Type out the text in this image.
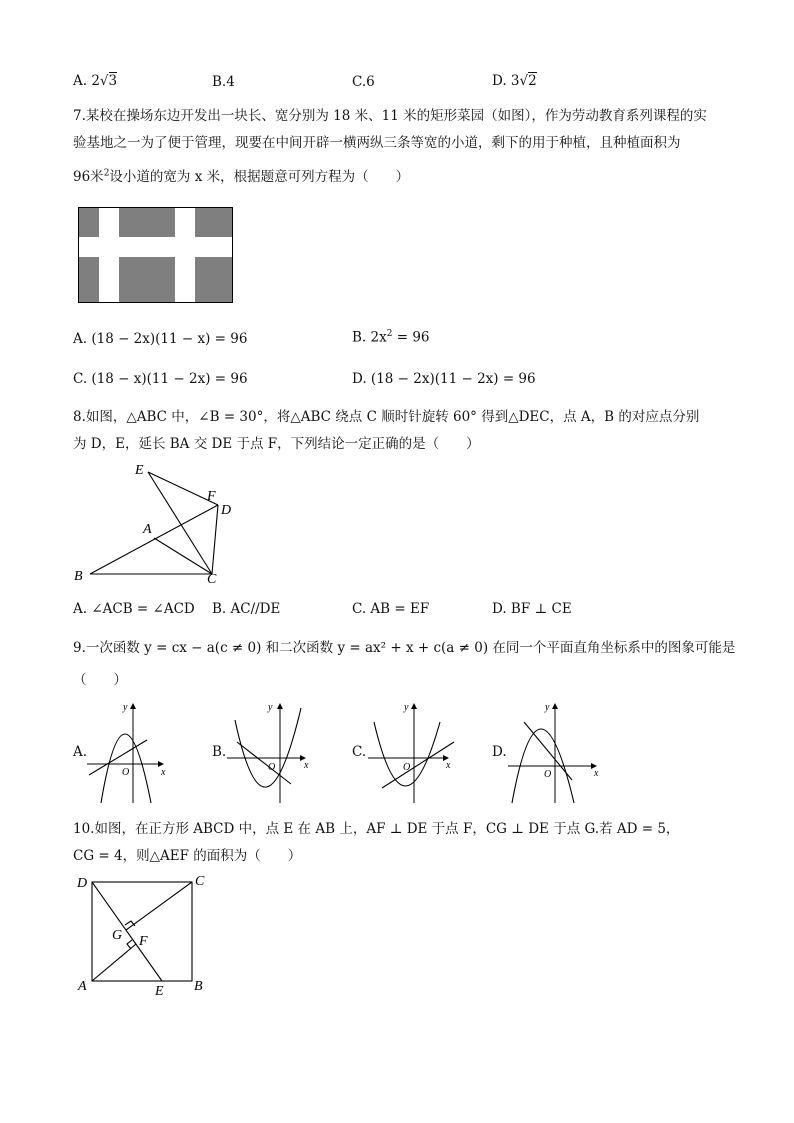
A. 2√3	B.4	C.6	D. 3√2
7.某校在操场东边开发出一块长、宽分别为 18 米、11 米的矩形菜园（如图），作为劳动教育系列课程的实
验基地之一为了便于管理，现要在中间开辟一横两纵三条等宽的小道，剩下的用于种植，且种植面积为
96米$^2$设小道的宽为 x 米，根据题意可列方程为（　　）
A. (18 − 2x)(11 − x) = 96	B. $2x^2 = 96$
C. (18 − x)(11 − 2x) = 96	D. (18 − 2x)(11 − 2x) = 96
8.如图，△ABC 中，∠B = 30°，将△ABC 绕点 C 顺时针旋转 60° 得到△DEC，点 A，B 的对应点分别
为 D，E，延长 BA 交 DE 于点 F，下列结论一定正确的是（　　）
E
F
D
A
B	C
A. ∠ACB = ∠ACD B. AC//DE	C. AB = EF	D. BF ⊥ CE
9.一次函数 y = cx − a(c ≠ 0) 和二次函数 y = ax² + x + c(a ≠ 0) 在同一个平面直角坐标系中的图象可能是
（　　）
A.
y
x
O
B.
y
x
O
C.
y
x
O
D.
y
x
O
10.如图，在正方形 ABCD 中，点 E 在 AB 上，AF ⊥ DE 于点 F，CG ⊥ DE 于点 G.若 AD = 5，
CG = 4，则△AEF 的面积为（　　）
D	C
G F
A	E B
